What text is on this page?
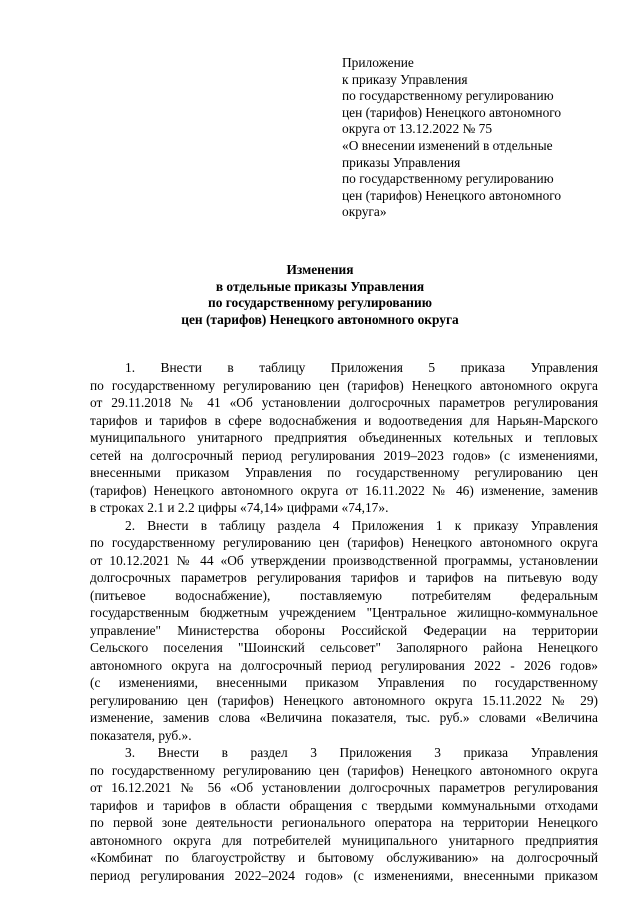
Приложение
к приказу Управления
по государственному регулированию
цен (тарифов) Ненецкого автономного
округа от 13.12.2022 № 75
«О внесении изменений в отдельные
приказы Управления
по государственному регулированию
цен (тарифов) Ненецкого автономного
округа»
Изменения
в отдельные приказы Управления
по государственному регулированию
цен (тарифов) Ненецкого автономного округа
1. Внести в таблицу Приложения 5 приказа Управления
по государственному регулированию цен (тарифов) Ненецкого автономного округа
от 29.11.2018 № 41 «Об установлении долгосрочных параметров регулирования
тарифов и тарифов в сфере водоснабжения и водоотведения для Нарьян-Марского
муниципального унитарного предприятия объединенных котельных и тепловых
сетей на долгосрочный период регулирования 2019–2023 годов» (с изменениями,
внесенными приказом Управления по государственному регулированию цен
(тарифов) Ненецкого автономного округа от 16.11.2022 № 46) изменение, заменив
в строках 2.1 и 2.2 цифры «74,14» цифрами «74,17».
2. Внести в таблицу раздела 4 Приложения 1 к приказу Управления
по государственному регулированию цен (тарифов) Ненецкого автономного округа
от 10.12.2021 № 44 «Об утверждении производственной программы, установлении
долгосрочных параметров регулирования тарифов и тарифов на питьевую воду
(питьевое водоснабжение), поставляемую потребителям федеральным
государственным бюджетным учреждением "Центральное жилищно-коммунальное
управление" Министерства обороны Российской Федерации на территории
Сельского поселения "Шоинский сельсовет" Заполярного района Ненецкого
автономного округа на долгосрочный период регулирования 2022 - 2026 годов»
(с изменениями, внесенными приказом Управления по государственному
регулированию цен (тарифов) Ненецкого автономного округа 15.11.2022 № 29)
изменение, заменив слова «Величина показателя, тыс. руб.» словами «Величина
показателя, руб.».
3. Внести в раздел 3 Приложения 3 приказа Управления
по государственному регулированию цен (тарифов) Ненецкого автономного округа
от 16.12.2021 № 56 «Об установлении долгосрочных параметров регулирования
тарифов и тарифов в области обращения с твердыми коммунальными отходами
по первой зоне деятельности регионального оператора на территории Ненецкого
автономного округа для потребителей муниципального унитарного предприятия
«Комбинат по благоустройству и бытовому обслуживанию» на долгосрочный
период регулирования 2022–2024 годов» (с изменениями, внесенными приказом
